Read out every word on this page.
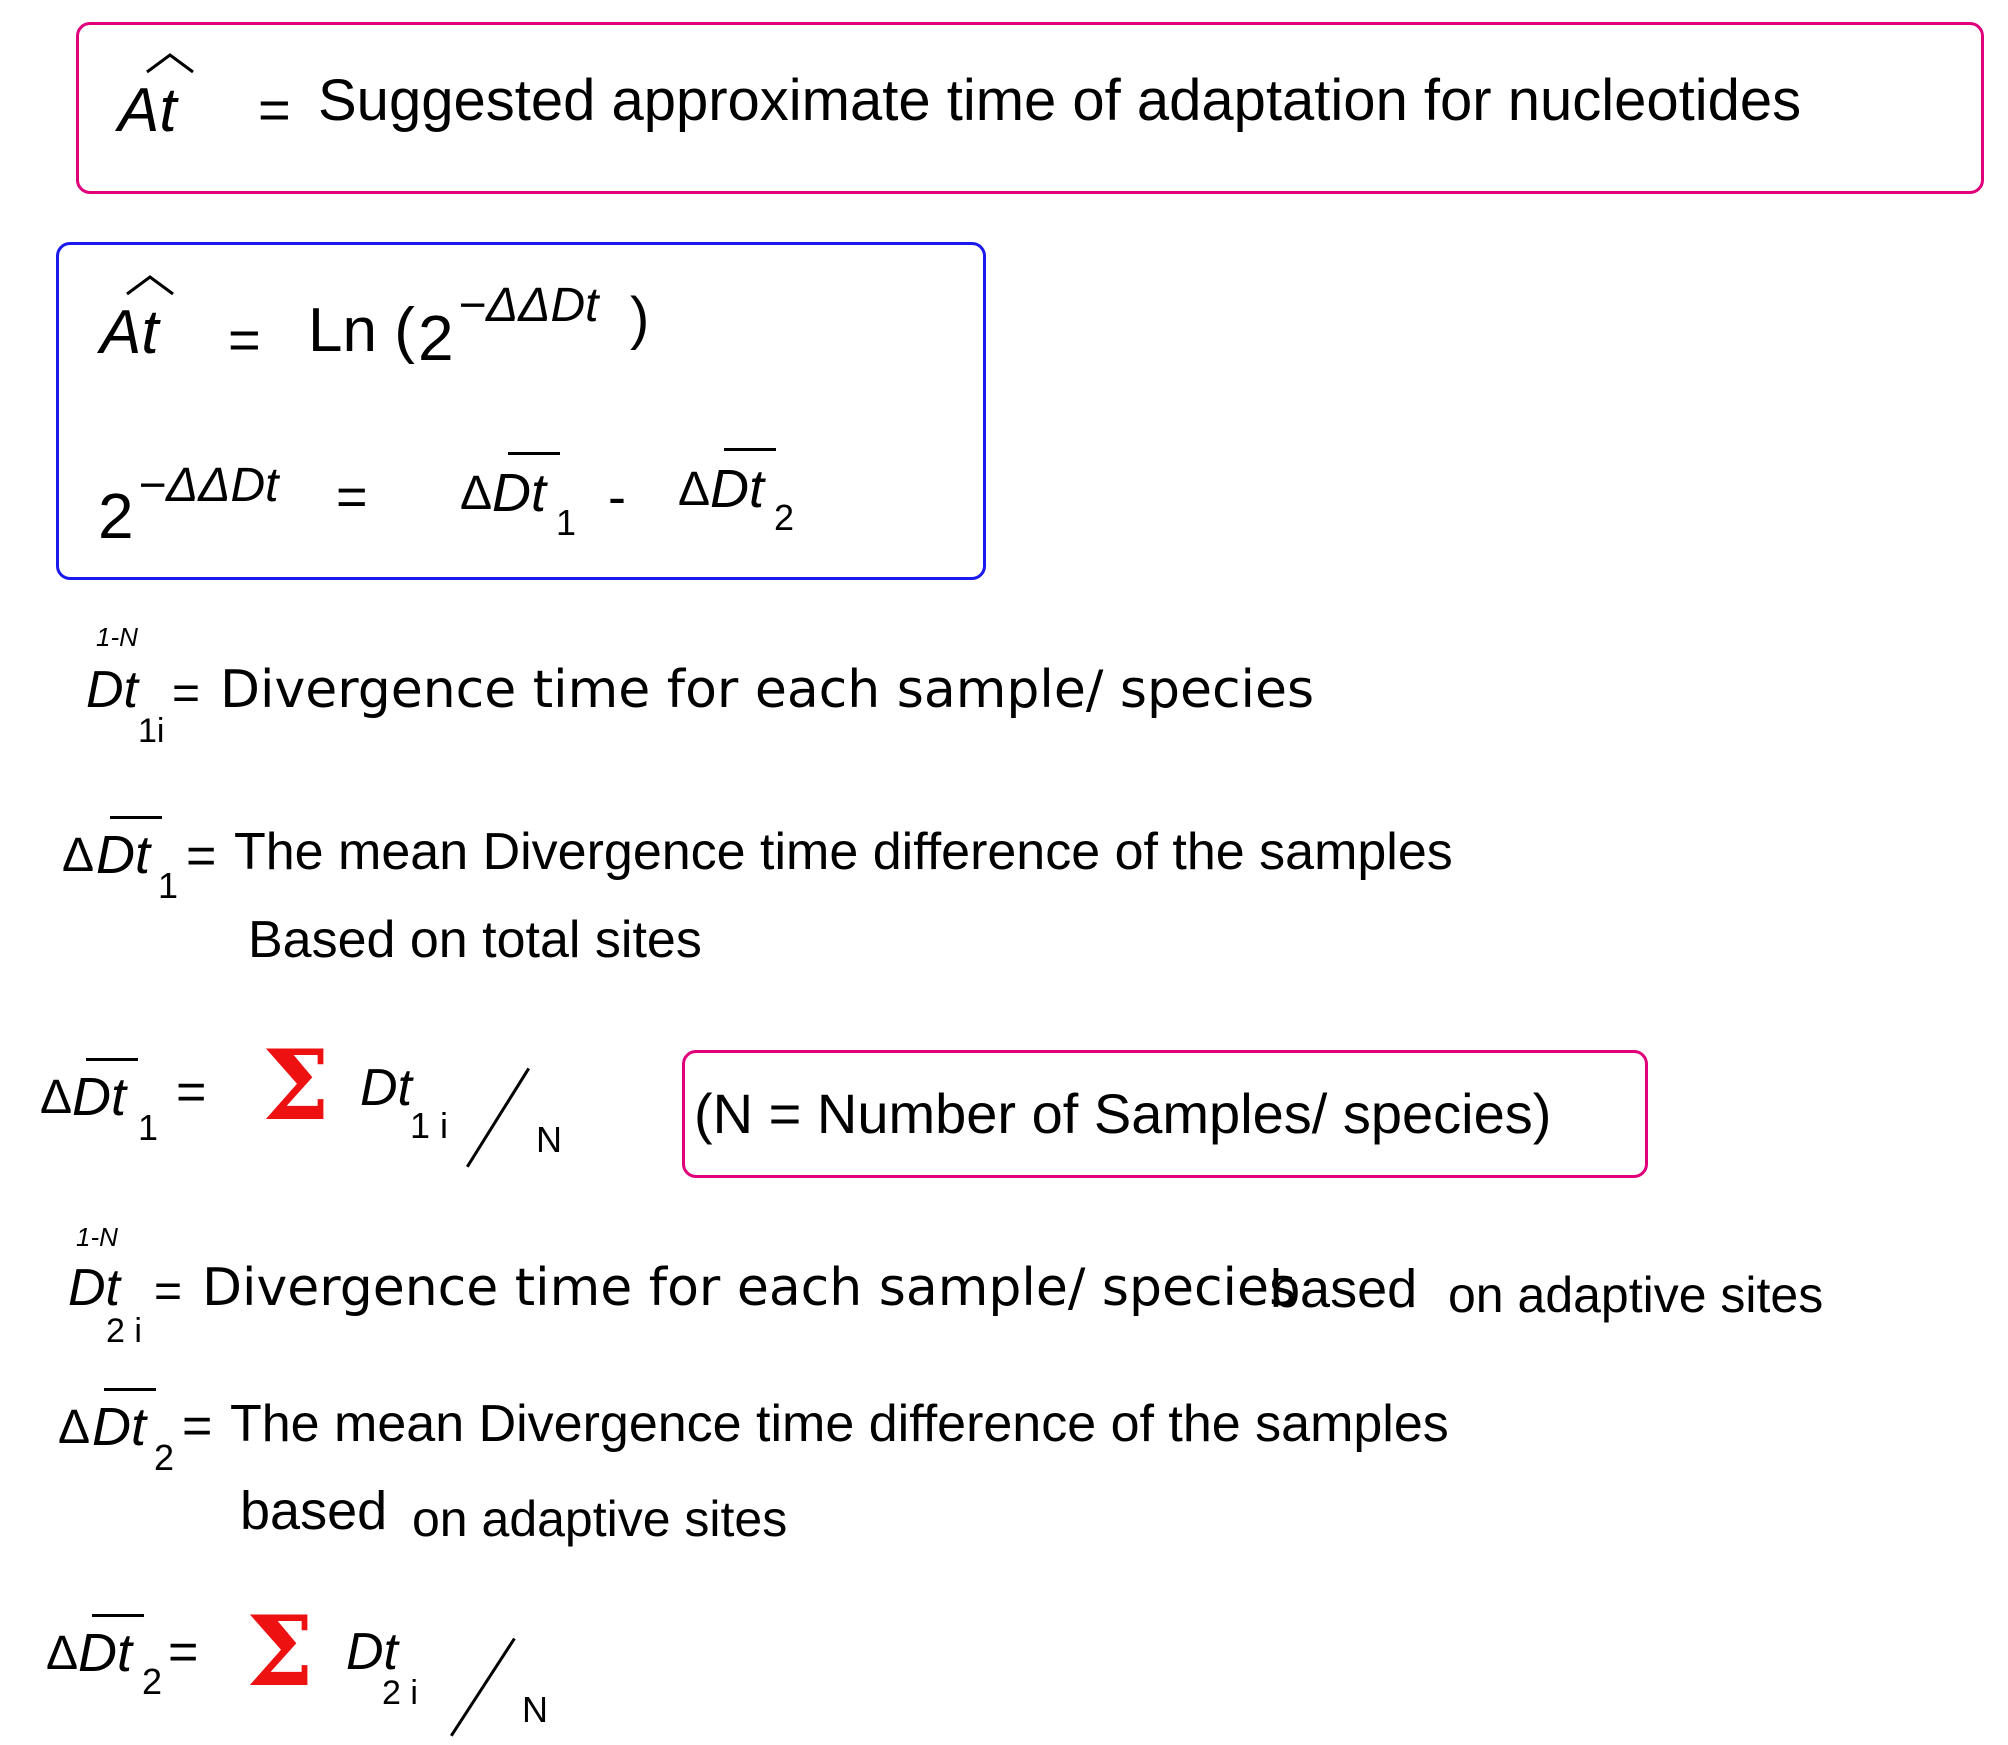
At = Suggested approximate time of adaptation for nucleotides
At = Ln ( 2 −ΔΔDt )
2 −ΔΔDt = Δ Dt 1 - Δ Dt 2
1-N
Dt
1i
= Divergence time for each sample/ species
Δ Dt
1
= The mean Divergence time difference of the samples
Based on total sites
Δ Dt
1
= Σ Dt
1 i N (N = Number of Samples/ species)
1-N
Dt
2 i
= Divergence time for each sample/ species
based on adaptive sites
Δ Dt
2
= The mean Divergence time difference of the samples
based on adaptive sites
Δ Dt 2
= Σ Dt
2 i	N
